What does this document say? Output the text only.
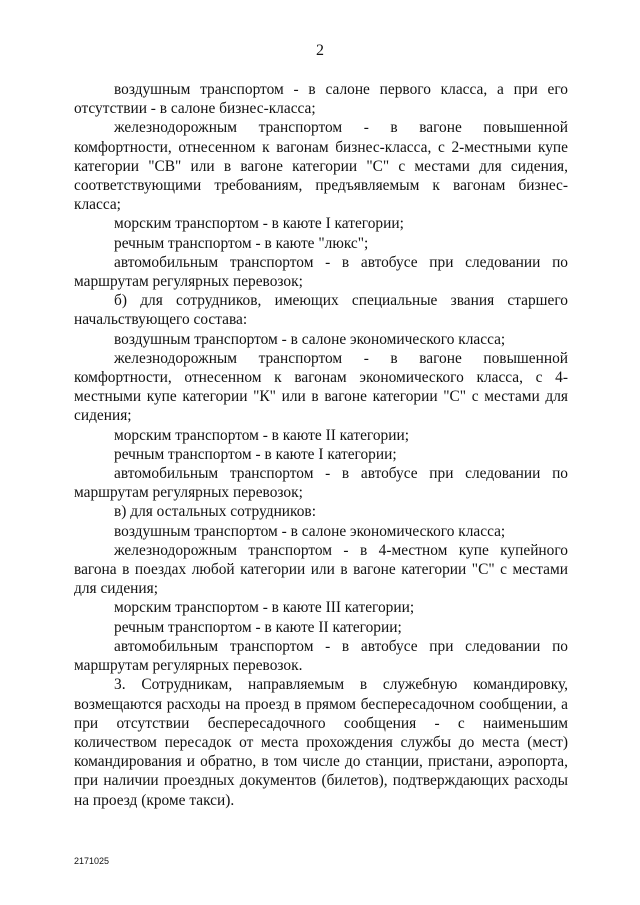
2

воздушным транспортом - в салоне первого класса, а при его отсутствии - в салоне бизнес-класса;

железнодорожным транспортом - в вагоне повышенной комфортности, отнесенном к вагонам бизнес-класса, с 2-местными купе категории "СВ" или в вагоне категории "С" с местами для сидения, соответствующими требованиям, предъявляемым к вагонам бизнес-класса;

морским транспортом - в каюте I категории;

речным транспортом - в каюте "люкс";

автомобильным транспортом - в автобусе при следовании по маршрутам регулярных перевозок;

б) для сотрудников, имеющих специальные звания старшего начальствующего состава:

воздушным транспортом - в салоне экономического класса;

железнодорожным транспортом - в вагоне повышенной комфортности, отнесенном к вагонам экономического класса, с 4-местными купе категории "К" или в вагоне категории "С" с местами для сидения;

морским транспортом - в каюте II категории;

речным транспортом - в каюте I категории;

автомобильным транспортом - в автобусе при следовании по маршрутам регулярных перевозок;

в) для остальных сотрудников:

воздушным транспортом - в салоне экономического класса;

железнодорожным транспортом - в 4-местном купе купейного вагона в поездах любой категории или в вагоне категории "С" с местами для сидения;

морским транспортом - в каюте III категории;

речным транспортом - в каюте II категории;

автомобильным транспортом - в автобусе при следовании по маршрутам регулярных перевозок.

3. Сотрудникам, направляемым в служебную командировку, возмещаются расходы на проезд в прямом беспересадочном сообщении, а при отсутствии беспересадочного сообщения - с наименьшим количеством пересадок от места прохождения службы до места (мест) командирования и обратно, в том числе до станции, пристани, аэропорта, при наличии проездных документов (билетов), подтверждающих расходы на проезд (кроме такси).

2171025
